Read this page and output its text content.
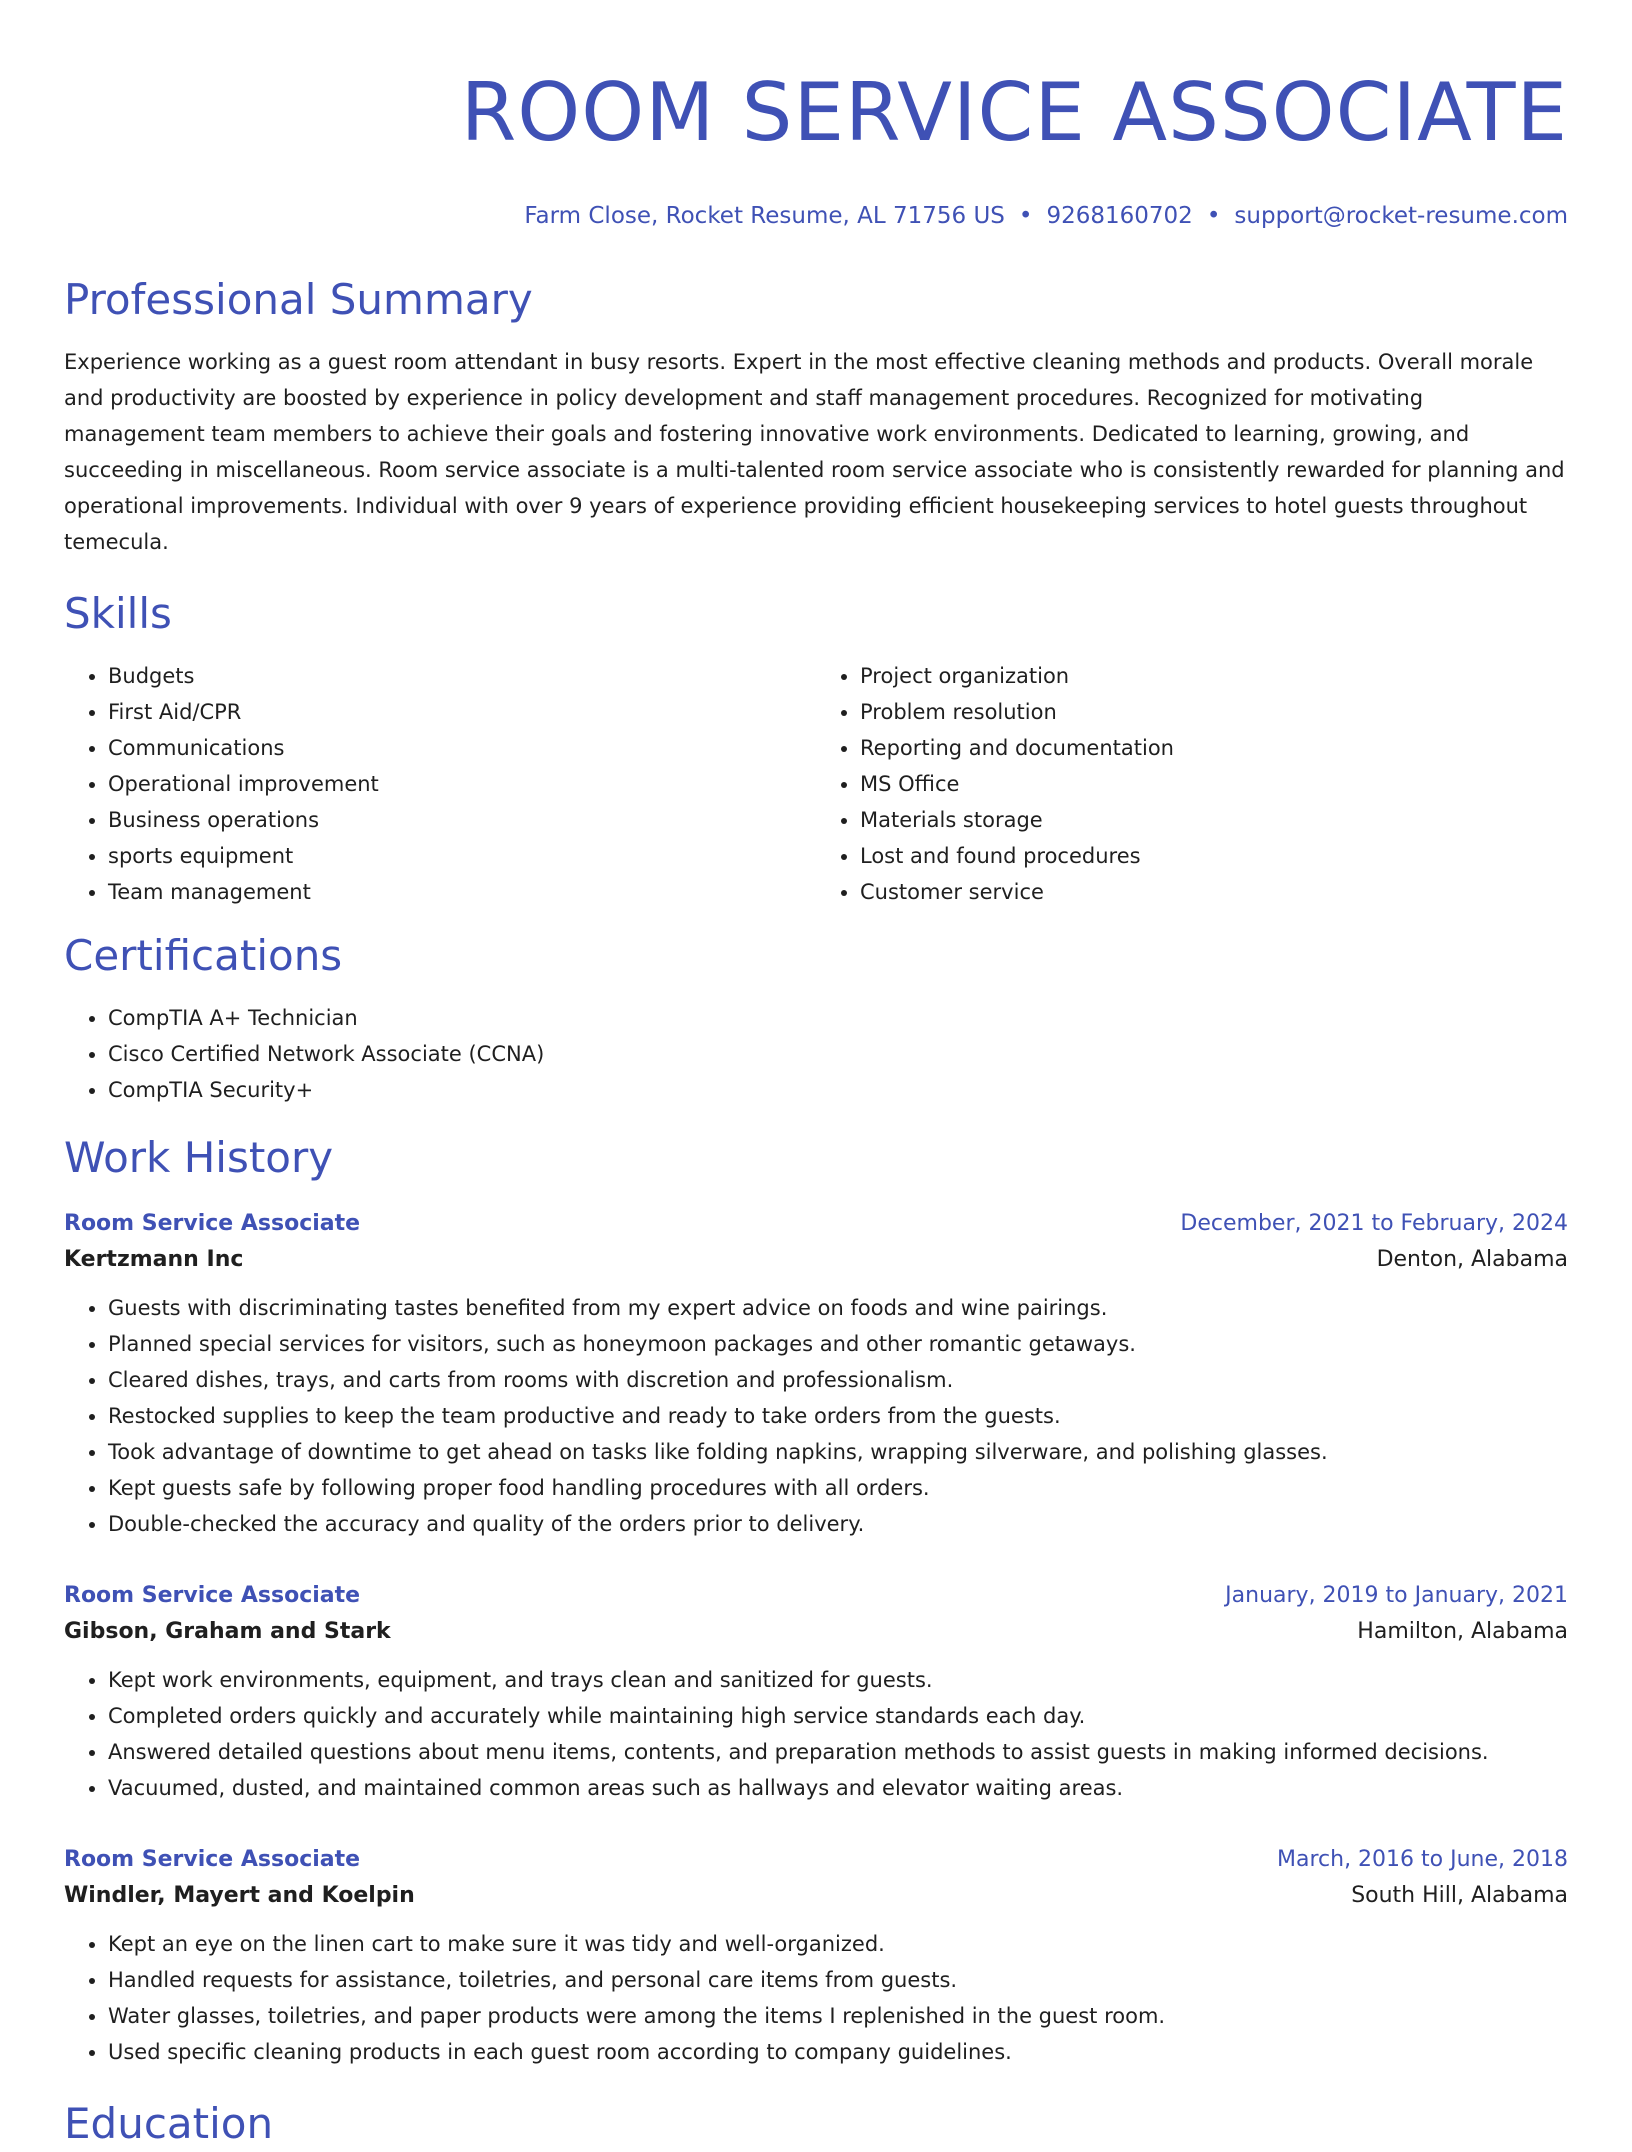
ROOM SERVICE ASSOCIATE
Farm Close, Rocket Resume, AL 71756 US • 9268160702 • support@rocket-resume.com
Professional Summary

Experience working as a guest room attendant in busy resorts. Expert in the most effective cleaning methods and products. Overall morale and productivity are boosted by experience in policy development and staff management procedures. Recognized for motivating management team members to achieve their goals and fostering innovative work environments. Dedicated to learning, growing, and succeeding in miscellaneous. Room service associate is a multi-talented room service associate who is consistently rewarded for planning and operational improvements. Individual with over 9 years of experience providing efficient housekeeping services to hotel guests throughout temecula.

Skills
• Budgets
• First Aid/CPR
• Communications
• Operational improvement
• Business operations
• sports equipment
• Team management
• Project organization
• Problem resolution
• Reporting and documentation
• MS Office
• Materials storage
• Lost and found procedures
• Customer service
Certifications
• CompTIA A+ Technician
• Cisco Certified Network Associate (CCNA)
• CompTIA Security+
Work History
Room Service Associate	December, 2021 to February, 2024
Kertzmann Inc	Denton, Alabama
• Guests with discriminating tastes benefited from my expert advice on foods and wine pairings.
• Planned special services for visitors, such as honeymoon packages and other romantic getaways.
• Cleared dishes, trays, and carts from rooms with discretion and professionalism.
• Restocked supplies to keep the team productive and ready to take orders from the guests.
• Took advantage of downtime to get ahead on tasks like folding napkins, wrapping silverware, and polishing glasses.
• Kept guests safe by following proper food handling procedures with all orders.
• Double-checked the accuracy and quality of the orders prior to delivery.
Room Service Associate	January, 2019 to January, 2021
Gibson, Graham and Stark	Hamilton, Alabama
• Kept work environments, equipment, and trays clean and sanitized for guests.
• Completed orders quickly and accurately while maintaining high service standards each day.
• Answered detailed questions about menu items, contents, and preparation methods to assist guests in making informed decisions.
• Vacuumed, dusted, and maintained common areas such as hallways and elevator waiting areas.
Room Service Associate	March, 2016 to June, 2018
Windler, Mayert and Koelpin	South Hill, Alabama
• Kept an eye on the linen cart to make sure it was tidy and well-organized.
• Handled requests for assistance, toiletries, and personal care items from guests.
• Water glasses, toiletries, and paper products were among the items I replenished in the guest room.
• Used specific cleaning products in each guest room according to company guidelines.
Education
